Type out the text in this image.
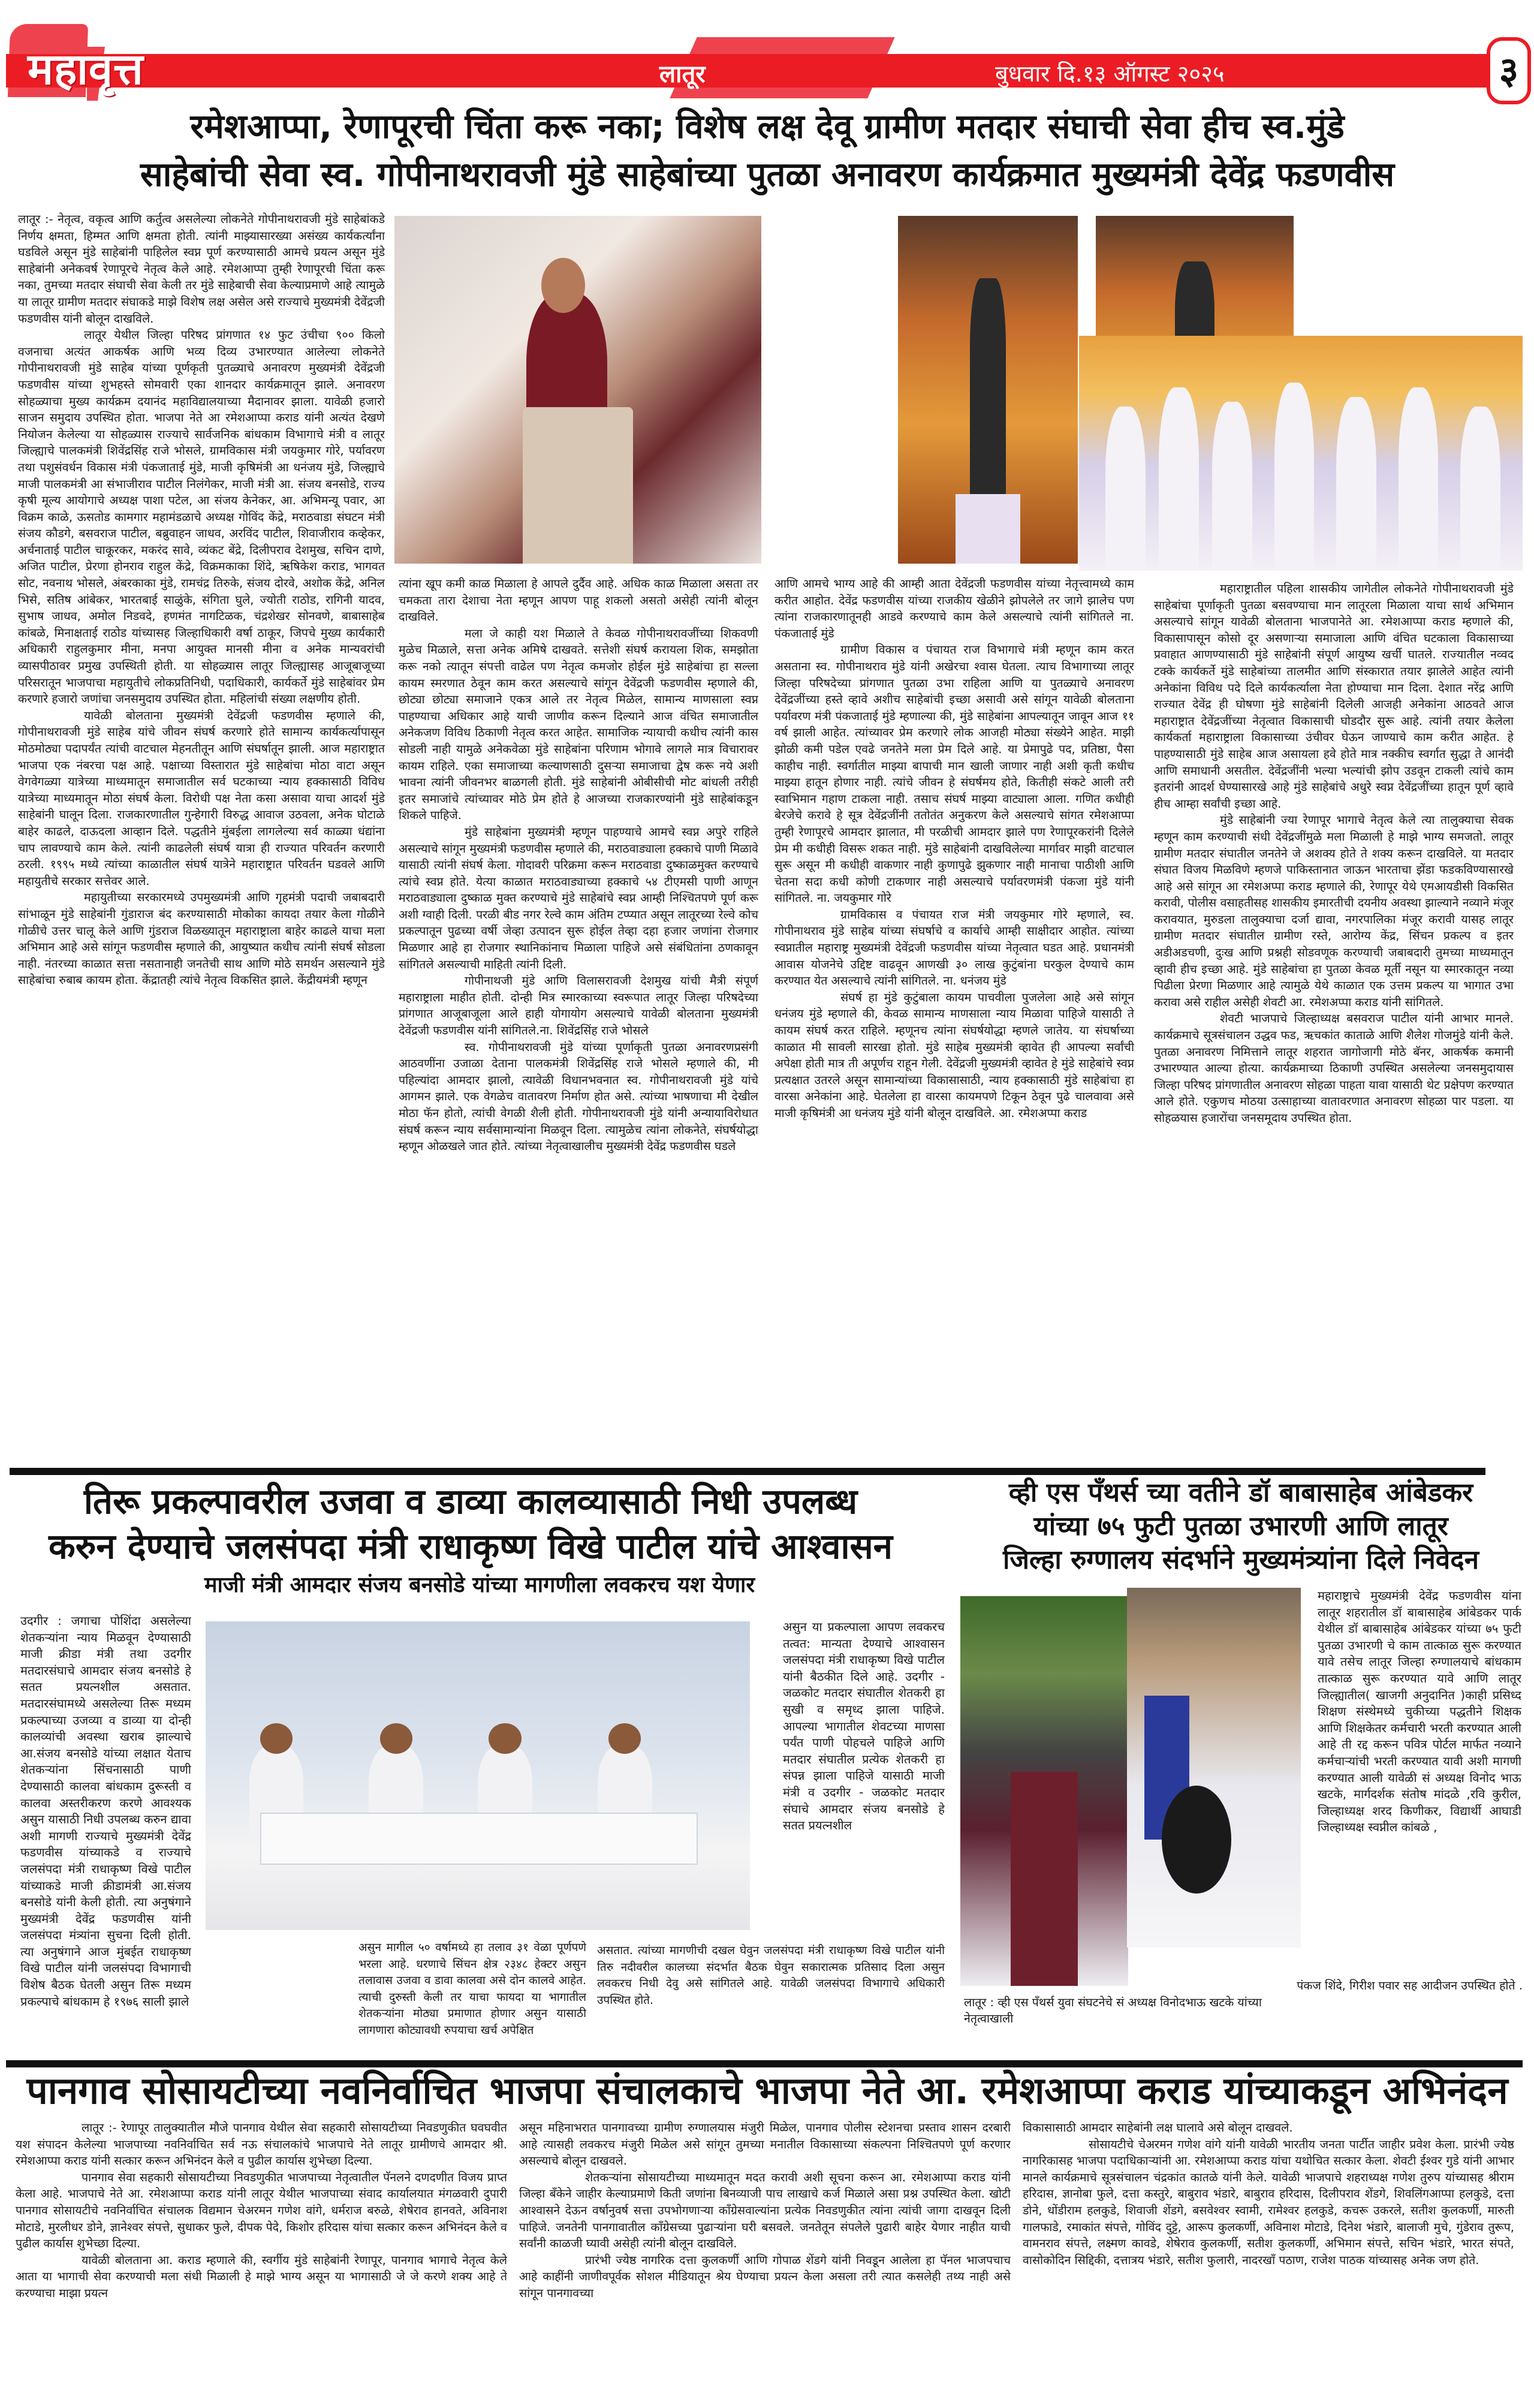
महावृत्त	लातूर	बुधवार दि.१३ ऑगस्ट २०२५	३
रमेशआप्पा, रेणापूरची चिंता करू नका; विशेष लक्ष देवू ग्रामीण मतदार संघाची सेवा हीच स्व.मुंडे
साहेबांची सेवा स्व. गोपीनाथरावजी मुंडे साहेबांच्या पुतळा अनावरण कार्यक्रमात मुख्यमंत्री देवेंद्र फडणवीस

लातूर :- नेतृत्व, वकृत्व आणि कर्तुत्व असलेल्या लोकनेते गोपीनाथरावजी मुंडे साहेबांकडे निर्णय क्षमता, हिम्मत आणि क्षमता होती. त्यांनी माझ्यासारख्या असंख्य कार्यकर्त्यांना घडविले असून मुंडे साहेबांनी पाहिलेल स्वप्न पूर्ण करण्यासाठी आमचे प्रयत्न असून मुंडे साहेबांनी अनेकवर्ष रेणापूरचे नेतृत्व केले आहे. रमेशआप्पा तुम्ही रेणापूरची चिंता करू नका, तुमच्या मतदार संघाची सेवा केली तर मुंडे साहेबाची सेवा केल्याप्रमाणे आहे त्यामुळे या लातूर ग्रामीण मतदार संघाकडे माझे विशेष लक्ष असेल असे राज्याचे मुख्यमंत्री देवेंद्रजी फडणवीस यांनी बोलून दाखविले.

लातूर येथील जिल्हा परिषद प्रांगणात १४ फुट उंचीचा ९०० किलो वजनाचा अत्यंत आकर्षक आणि भव्य दिव्य उभारण्यात आलेल्या लोकनेते गोपीनाथरावजी मुंडे साहेब यांच्या पूर्णकृती पुतळ्याचे अनावरण मुख्यमंत्री देवेंद्रजी फडणवीस यांच्या शुभहस्ते सोमवारी एका शानदार कार्यक्रमातून झाले. अनावरण सोहळ्याचा मुख्य कार्यक्रम दयानंद महाविद्यालयाच्या मैदानावर झाला. यावेळी हजारो साजन समुदाय उपस्थित होता. भाजपा नेते आ रमेशआप्पा कराड यांनी अत्यंत देखणे नियोजन केलेल्या या सोहळ्यास राज्याचे सार्वजनिक बांधकाम विभागाचे मंत्री व लातूर जिल्ह्याचे पालकमंत्री शिवेंद्रसिंह राजे भोसले, ग्रामविकास मंत्री जयकुमार गोरे, पर्यावरण तथा पशुसंवर्धन विकास मंत्री पंकजाताई मुंडे, माजी कृषिमंत्री आ धनंजय मुंडे, जिल्ह्याचे माजी पालकमंत्री आ संभाजीराव पाटील निलंगेकर, माजी मंत्री आ. संजय बनसोडे, राज्य कृषी मूल्य आयोगाचे अध्यक्ष पाशा पटेल, आ संजय केनेकर, आ. अभिमन्यू पवार, आ विक्रम काळे, ऊसतोड कामगार महामंडळाचे अध्यक्ष गोविंद केंद्रे, मराठवाडा संघटन मंत्री संजय कौडगे, बसवराज पाटील, बब्रुवाहन जाधव, अरविंद पाटील, शिवाजीराव कव्हेकर, अर्चनाताई पाटील चाकूरकर, मकरंद सावे, व्यंकट बेंद्रे, दिलीपराव देशमुख, सचिन दाणे, अजित पाटील, प्रेरणा होनराव राहुल केंद्रे, विक्रमकाका शिंदे, ऋषिकेश कराड, भागवत सोट, नवनाथ भोसले, अंबरकाका मुंडे, रामचंद्र तिरुके, संजय दोरवे, अशोक केंद्रे, अनिल भिसे, सतिष आंबेकर, भारतबाई साळुंके, संगिता घुले, ज्योती राठोड, रागिनी यादव, सुभाष जाधव, अमोल निडवदे, हणमंत नागटिळक, चंद्रशेखर सोनवणे, बाबासाहेब कांबळे, मिनाक्षताई राठोड यांच्यासह जिल्हाधिकारी वर्षा ठाकूर, जिपचे मुख्य कार्यकारी अधिकारी राहुलकुमार मीना, मनपा आयुक्त मानसी मीना व अनेक मान्यवरांची व्यासपीठावर प्रमुख उपस्थिती होती. या सोहळ्यास लातूर जिल्ह्यासह आजूबाजूच्या परिसरातून भाजपाचा महायुतीचे लोकप्रतिनिधी, पदाधिकारी, कार्यकर्ते मुंडे साहेबांवर प्रेम करणारे हजारो जणांचा जनसमुदाय उपस्थित होता. महिलांची संख्या लक्षणीय होती.

यावेळी बोलताना मुख्यमंत्री देवेंद्रजी फडणवीस म्हणाले की, गोपीनाथरावजी मुंडे साहेब यांचे जीवन संघर्ष करणारे होते सामान्य कार्यकर्त्यापासून मोठमोठ्या पदापर्यंत त्यांची वाटचाल मेहनतीतून आणि संघर्षातून झाली. आज महाराष्ट्रात भाजपा एक नंबरचा पक्ष आहे. पक्षाच्या विस्तारात मुंडे साहेबांचा मोठा वाटा असून वेगवेगळ्या यात्रेच्या माध्यमातून समाजातील सर्व घटकाच्या न्याय हक्कासाठी विविध यात्रेच्या माध्यमातून मोठा संघर्ष केला. विरोधी पक्ष नेता कसा असावा याचा आदर्श मुंडे साहेबांनी घालून दिला. राजकारणातील गुन्हेगारी विरुद्ध आवाज उठवला, अनेक घोटाळे बाहेर काढले, दाऊदला आव्हान दिले. पद्धतीने मुंबईला लागलेल्या सर्व काळ्या धंद्यांना चाप लावण्याचे काम केले. त्यांनी काढलेली संघर्ष यात्रा ही राज्यात परिवर्तन करणारी ठरली. १९९५ मध्ये त्यांच्या काळातील संघर्ष यात्रेने महाराष्ट्रात परिवर्तन घडवले आणि महायुतीचे सरकार सत्तेवर आले.

महायुतीच्या सरकारमध्ये उपमुख्यमंत्री आणि गृहमंत्री पदाची जबाबदारी सांभाळून मुंडे साहेबांनी गुंडाराज बंद करण्यासाठी मोकोका कायदा तयार केला गोळीने गोळीचे उत्तर चालू केले आणि गुंडराज विळख्यातून महाराष्ट्राला बाहेर काढले याचा मला अभिमान आहे असे सांगून फडणवीस म्हणाले की, आयुष्यात कधीच त्यांनी संघर्ष सोडला नाही. नंतरच्या काळात सत्ता नसतानाही जनतेची साथ आणि मोठे समर्थन असल्याने मुंडे साहेबांचा रुबाब कायम होता. केंद्रातही त्यांचे नेतृत्व विकसित झाले. केंद्रीयमंत्री म्हणून

त्यांना खूप कमी काळ मिळाला हे आपले दुर्दैव आहे. अधिक काळ मिळाला असता तर चमकता तारा देशाचा नेता म्हणून आपण पाहू शकलो असतो असेही त्यांनी बोलून दाखविले.

मला जे काही यश मिळाले ते केवळ गोपीनाथरावजींच्या शिकवणी मुळेच मिळाले, सत्ता अनेक अमिषे दाखवते. सत्तेशी संघर्ष करायला शिक, समझोता करू नको त्यातून संपत्ती वाढेल पण नेतृत्व कमजोर होईल मुंडे साहेबांचा हा सल्ला कायम स्मरणात ठेवून काम करत असल्याचे सांगून देवेंद्रजी फडणवीस म्हणाले की, छोट्या छोट्या समाजाने एकत्र आले तर नेतृत्व मिळेल, सामान्य माणसाला स्वप्न पाहण्याचा अधिकार आहे याची जाणीव करून दिल्याने आज वंचित समाजातील अनेकजण विविध ठिकाणी नेतृत्व करत आहेत. सामाजिक न्यायाची कधीच त्यांनी कास सोडली नाही यामुळे अनेकवेळा मुंडे साहेबांना परिणाम भोगावे लागले मात्र विचारावर कायम राहिले. एका समाजाच्या कल्याणसाठी दुसऱ्या समाजाचा द्वेष करू नये अशी भावना त्यांनी जीवनभर बाळगली होती. मुंडे साहेबांनी ओबीसीची मोट बांधली तरीही इतर समाजांचे त्यांच्यावर मोठे प्रेम होते हे आजच्या राजकारण्यांनी मुंडे साहेबांकडून शिकले पाहिजे.

मुंडे साहेबांना मुख्यमंत्री म्हणून पाहण्याचे आमचे स्वप्न अपुरे राहिले असल्याचे सांगून मुख्यमंत्री फडणवीस म्हणाले की, मराठवाड्याला हक्काचे पाणी मिळावे यासाठी त्यांनी संघर्ष केला. गोदावरी परिक्रमा करून मराठवाडा दुष्काळमुक्त करण्याचे त्यांचे स्वप्न होते. येत्या काळात मराठवाड्याच्या हक्काचे ५४ टीएमसी पाणी आणून मराठवाड्याला दुष्काळ मुक्त करण्याचे मुंडे साहेबांचे स्वप्न आम्ही निश्चितपणे पूर्ण करू अशी ग्वाही दिली. परळी बीड नगर रेल्वे काम अंतिम टप्प्यात असून लातूरच्या रेल्वे कोच प्रकल्पातून पुढच्या वर्षी जेव्हा उत्पादन सुरू होईल तेव्हा दहा हजार जणांना रोजगार मिळणार आहे हा रोजगार स्थानिकांनाच मिळाला पाहिजे असे संबंधितांना ठणकावून सांगितले असल्याची माहिती त्यांनी दिली.

गोपीनाथजी मुंडे आणि विलासरावजी देशमुख यांची मैत्री संपूर्ण महाराष्ट्राला माहीत होती. दोन्ही मित्र स्मारकाच्या स्वरूपात लातूर जिल्हा परिषदेच्या प्रांगणात आजूबाजूला आले हाही योगायोग असल्याचे यावेळी बोलताना मुख्यमंत्री देवेंद्रजी फडणवीस यांनी सांगितले.ना. शिवेंद्रसिंह राजे भोसले

स्व. गोपीनाथरावजी मुंडे यांच्या पूर्णाकृती पुतळा अनावरणप्रसंगी आठवणींना उजाळा देताना पालकमंत्री शिवेंद्रसिंह राजे भोसले म्हणाले की, मी पहिल्यांदा आमदार झालो, त्यावेळी विधानभवनात स्व. गोपीनाथरावजी मुंडे यांचे आगमन झाले. एक वेगळेच वातावरण निर्माण होत असे. त्यांच्या भाषणाचा मी देखील मोठा फॅन होतो, त्यांची वेगळी शैली होती. गोपीनाथरावजी मुंडे यांनी अन्यायाविरोधात संघर्ष करून न्याय सर्वसामान्यांना मिळवून दिला. त्यामुळेच त्यांना लोकनेते, संघर्षयोद्धा म्हणून ओळखले जात होते. त्यांच्या नेतृत्वाखालीच मुख्यमंत्री देवेंद्र फडणवीस घडले

आणि आमचे भाग्य आहे की आम्ही आता देवेंद्रजी फडणवीस यांच्या नेतृत्त्वामध्ये काम करीत आहोत. देवेंद्र फडणवीस यांच्या राजकीय खेळीने झोपलेले तर जागे झालेच पण त्यांना राजकारणातूनही आडवे करण्याचे काम केले असल्याचे त्यांनी सांगितले ना. पंकजाताई मुंडे

ग्रामीण विकास व पंचायत राज विभागाचे मंत्री म्हणून काम करत असताना स्व. गोपीनाथराव मुंडे यांनी अखेरचा श्वास घेतला. त्याच विभागाच्या लातूर जिल्हा परिषदेच्या प्रांगणात पुतळा उभा राहिला आणि या पुतळ्याचे अनावरण देवेंद्रजींच्या हस्ते व्हावे अशीच साहेबांची इच्छा असावी असे सांगून यावेळी बोलताना पर्यावरण मंत्री पंकजाताई मुंडे म्हणाल्या की, मुंडे साहेबांना आपल्यातून जावून आज ११ वर्ष झाली आहेत. त्यांच्यावर प्रेम करणारे लोक आजही मोठ्या संख्येने आहेत. माझी झोळी कमी पडेल एवढे जनतेने मला प्रेम दिले आहे. या प्रेमापुढे पद, प्रतिष्ठा, पैसा काहीच नाही. स्वर्गातील माझ्या बापाची मान खाली जाणार नाही अशी कृती कधीच माझ्या हातून होणार नाही. त्यांचे जीवन हे संघर्षमय होते, कितीही संकटे आली तरी स्वाभिमान गहाण टाकला नाही. तसाच संघर्ष माझ्या वाट्याला आला. गणित कधीही बेरजेचे करावे हे सूत्र देवेंद्रजींनी ततोतंत अनुकरण केले असल्याचे सांगत रमेशआप्पा तुम्ही रेणापूरचे आमदार झालात, मी परळीची आमदार झाले पण रेणापूरकरांनी दिलेले प्रेम मी कधीही विसरू शकत नाही. मुंडे साहेबांनी दाखविलेल्या मार्गावर माझी वाटचाल सुरू असून मी कधीही वाकणार नाही कुणापुढे झुकणार नाही मानाचा पाठीशी आणि चेतना सदा कधी कोणी टाकणार नाही असल्याचे पर्यावरणमंत्री पंकजा मुंडे यांनी सांगितले. ना. जयकुमार गोरे

ग्रामविकास व पंचायत राज मंत्री जयकुमार गोरे म्हणाले, स्व. गोपीनाथराव मुंडे साहेब यांच्या संघर्षाचे व कार्याचे आम्ही साक्षीदार आहोत. त्यांच्या स्वप्नातील महाराष्ट्र मुख्यमंत्री देवेंद्रजी फडणवीस यांच्या नेतृत्वात घडत आहे. प्रधानमंत्री आवास योजनेचे उद्दिष्ट वाढवून आणखी ३० लाख कुटुंबांना घरकुल देण्याचे काम करण्यात येत असल्याचे त्यांनी सांगितले. ना. धनंजय मुंडे

संघर्ष हा मुंडे कुटुंबाला कायम पाचवीला पुजलेला आहे असे सांगून धनंजय मुंडे म्हणाले की, केवळ सामान्य माणसाला न्याय मिळावा पाहिजे यासाठी ते कायम संघर्ष करत राहिले. म्हणूनच त्यांना संघर्षयोद्धा म्हणले जातेय. या संघर्षाच्या काळात मी सावली सारखा होतो. मुंडे साहेब मुख्यमंत्री व्हावेत ही आपल्या सर्वांची अपेक्षा होती मात्र ती अपूर्णच राहून गेली. देवेंद्रजी मुख्यमंत्री व्हावेत हे मुंडे साहेबांचे स्वप्न प्रत्यक्षात उतरले असून सामान्यांच्या विकासासाठी, न्याय हक्कासाठी मुंडे साहेबांचा हा वारसा अनेकांना आहे. घेतलेला हा वारसा कायमपणे टिकून ठेवून पुढे चालवावा असे माजी कृषिमंत्री आ धनंजय मुंडे यांनी बोलून दाखविले. आ. रमेशअप्पा कराड

महाराष्ट्रातील पहिला शासकीय जागेतील लोकनेते गोपीनाथरावजी मुंडे साहेबांचा पूर्णाकृती पुतळा बसवण्याचा मान लातूरला मिळाला याचा सार्थ अभिमान असल्याचे सांगून यावेळी बोलताना भाजपानेते आ. रमेशआप्पा कराड म्हणाले की, विकासापासून कोसो दूर असणाऱ्या समाजाला आणि वंचित घटकाला विकासाच्या प्रवाहात आणण्यासाठी मुंडे साहेबांनी संपूर्ण आयुष्य खर्ची घातले. राज्यातील नव्वद टक्के कार्यकर्ते मुंडे साहेबांच्या तालमीत आणि संस्कारात तयार झालेले आहेत त्यांनी अनेकांना विविध पदे दिले कार्यकर्त्याला नेता होण्याचा मान दिला. देशात नरेंद्र आणि राज्यात देवेंद्र ही घोषणा मुंडे साहेबांनी दिलेली आजही अनेकांना आठवते आज महाराष्ट्रात देवेंद्रजींच्या नेतृत्वात विकासाची घोडदौर सुरू आहे. त्यांनी तयार केलेला कार्यकर्ता महाराष्ट्राला विकासाच्या उंचीवर घेऊन जाण्याचे काम करीत आहेत. हे पाहण्यासाठी मुंडे साहेब आज असायला हवे होते मात्र नक्कीच स्वर्गात सुद्धा ते आनंदी आणि समाधानी असतील. देवेंद्रजींनी भल्या भल्यांची झोप उडवून टाकली त्यांचे काम इतरांनी आदर्श घेण्यासारखे आहे मुंडे साहेबांचे अधुरे स्वप्न देवेंद्रजींच्या हातून पूर्ण व्हावे हीच आम्हा सर्वांची इच्छा आहे.

मुंडे साहेबांनी ज्या रेणापूर भागाचे नेतृत्व केले त्या तालुक्याचा सेवक म्हणून काम करण्याची संधी देवेंद्रजींमुळे मला मिळाली हे माझे भाग्य समजतो. लातूर ग्रामीण मतदार संघातील जनतेने जे अशक्य होते ते शक्य करून दाखविले. या मतदार संघात विजय मिळविणे म्हणजे पाकिस्तानात जाऊन भारताचा झेंडा फडकविण्यासारखे आहे असे सांगून आ रमेशअप्पा कराड म्हणाले की, रेणापूर येथे एमआयडीसी विकसित करावी, पोलीस वसाहतीसह शासकीय इमारतीची दयनीय अवस्था झाल्याने नव्याने मंजूर करावयात, मुरुडला तालुक्याचा दर्जा द्यावा, नगरपालिका मंजूर करावी यासह लातूर ग्रामीण मतदार संघातील ग्रामीण रस्ते, आरोग्य केंद्र, सिंचन प्रकल्प व इतर अडीअडचणी, दुःख आणि प्रश्नही सोडवणूक करण्याची जबाबदारी तुमच्या माध्यमातून व्हावी हीच इच्छा आहे. मुंडे साहेबांचा हा पुतळा केवळ मूर्ती नसून या स्मारकातून नव्या पिढीला प्रेरणा मिळणार आहे त्यामुळे येथे काळात एक उत्तम प्रकल्प या भागात उभा करावा असे राहील असेही शेवटी आ. रमेशअप्पा कराड यांनी सांगितले.

शेवटी भाजपाचे जिल्हाध्यक्ष बसवराज पाटील यांनी आभार मानले. कार्यक्रमाचे सूत्रसंचालन उद्धव फड, ऋचकांत काताळे आणि शैलेश गोजमुंडे यांनी केले. पुतळा अनावरण निमित्ताने लातूर शहरात जागोजागी मोठे बॅनर, आकर्षक कमानी उभारण्यात आल्या होत्या. कार्यक्रमाच्या ठिकाणी उपस्थित असलेल्या जनसमुदायास जिल्हा परिषद प्रांगणातील अनावरण सोहळा पाहता यावा यासाठी थेट प्रक्षेपण करण्यात आले होते. एकुणच मोठया उत्साहाच्या वातावरणात अनावरण सोहळा पार पडला. या सोहळयास हजारोंचा जनसमूदाय उपस्थित होता.

तिरू प्रकल्पावरील उजवा व डाव्या कालव्यासाठी निधी उपलब्ध
करुन देण्याचे जलसंपदा मंत्री राधाकृष्ण विखे पाटील यांचे आश्वासन
माजी मंत्री आमदार संजय बनसोडे यांच्या मागणीला लवकरच यश येणार

उदगीर : जगाचा पोशिंदा असलेल्या शेतकऱ्यांना न्याय मिळवून देण्यासाठी माजी क्रीडा मंत्री तथा उदगीर मतदारसंघाचे आमदार संजय बनसोडे हे सतत प्रयत्नशील असतात. मतदारसंघामध्ये असलेल्या तिरू मध्यम प्रकल्पाच्या उजव्या व डाव्या या दोन्ही कालव्यांची अवस्था खराब झाल्याचे आ.संजय बनसोडे यांच्या लक्षात येताच शेतकऱ्यांना सिंचनासाठी पाणी देण्यासाठी कालवा बांधकाम दुरूस्ती व कालवा अस्तरीकरण करणे आवश्यक असुन यासाठी निधी उपलब्ध करुन द्यावा अशी मागणी राज्याचे मुख्यमंत्री देवेंद्र फडणवीस यांच्याकडे व राज्याचे जलसंपदा मंत्री राधाकृष्ण विखे पाटील यांच्याकडे माजी क्रीडामंत्री आ.संजय बनसोडे यांनी केली होती. त्या अनुषंगाने मुख्यमंत्री देवेंद्र फडणवीस यांनी जलसंपदा मंत्र्यांना सुचना दिली होती. त्या अनुषंगाने आज मुंबईत राधाकृष्ण विखे पाटील यांनी जलसंपदा विभागाची विशेष बैठक घेतली असुन तिरू मध्यम प्रकल्पाचे बांधकाम हे १९७६ साली झाले

असुन मागील ५० वर्षामध्ये हा तलाव ३१ वेळा पूर्णपणे भरला आहे. धरणाचे सिंचन क्षेत्र २३४८ हेक्टर असुन तलावास उजवा व डावा कालवा असे दोन कालवे आहेत. त्याची दुरुस्ती केली तर याचा फायदा या भागातील शेतकऱ्यांना मोठ्या प्रमाणात होणार असुन यासाठी लागणारा कोट्यावधी रुपयाचा खर्च अपेक्षित

असुन या प्रकल्पाला आपण लवकरच तत्वत: मान्यता देण्याचे आश्वासन जलसंपदा मंत्री राधाकृष्ण विखे पाटील यांनी बैठकीत दिले आहे. उदगीर - जळकोट मतदार संघातील शेतकरी हा सुखी व समृध्द झाला पाहिजे. आपल्या भागातील शेवटच्या माणसा पर्यंत पाणी पोहचले पाहिजे आणि मतदार संघातील प्रत्येक शेतकरी हा संपन्न झाला पाहिजे यासाठी माजी मंत्री व उदगीर - जळकोट मतदार संघाचे आमदार संजय बनसोडे हे सतत प्रयत्नशील

असतात. त्यांच्या मागणीची दखल घेवुन जलसंपदा मंत्री राधाकृष्ण विखे पाटील यांनी तिरु नदीवरील कालच्या संदर्भात बैठक घेवुन सकारात्मक प्रतिसाद दिला असुन लवकरच निधी देवु असे सांगितले आहे. यावेळी जलसंपदा विभागाचे अधिकारी उपस्थित होते.

व्ही एस पँथर्स च्या वतीने डॉ बाबासाहेब आंबेडकर
यांच्या ७५ फुटी पुतळा उभारणी आणि लातूर
जिल्हा रुग्णालय संदर्भाने मुख्यमंत्र्यांना दिले निवेदन
लातूर : व्ही एस पँथर्स युवा संघटनेचे सं अध्यक्ष विनोदभाऊ खटके यांच्या नेतृत्वाखाली

महाराष्ट्राचे मुख्यमंत्री देवेंद्र फडणवीस यांना लातूर शहरातील डॉ बाबासाहेब आंबेडकर पार्क येथील डॉ बाबासाहेब आंबेडकर यांच्या ७५ फुटी पुतळा उभारणी चे काम तात्काळ सुरू करण्यात यावे तसेच लातूर जिल्हा रुग्णालयाचे बांधकाम तात्काळ सुरू करण्यात यावे आणि लातूर जिल्ह्यातील( खाजगी अनुदानित )काही प्रसिध्द शिक्षण संस्थेमध्ये चुकीच्या पद्धतीने शिक्षक आणि शिक्षकेतर कर्मचारी भरती करण्यात आली आहे ती रद्द करून पवित्र पोर्टल मार्फत नव्याने कर्मचाऱ्यांची भरती करण्यात यावी अशी मागणी करण्यात आली यावेळी सं अध्यक्ष विनोद भाऊ खटके, मार्गदर्शक संतोष मांदळे ,रवि कुरील, जिल्हाध्यक्ष शरद किणीकर, विद्यार्थी आघाडी जिल्हाध्यक्ष स्वप्नील कांबळे ,

पंकज शिंदे, गिरीश पवार सह आदीजन उपस्थित होते .
पानगाव सोसायटीच्या नवनिर्वाचित भाजपा संचालकाचे भाजपा नेते आ. रमेशआप्पा कराड यांच्याकडून अभिनंदन

लातूर :- रेणापूर तालुक्यातील मौजे पानगाव येथील सेवा सहकारी सोसायटीच्या निवडणुकीत घवघवीत यश संपादन केलेल्या भाजपाच्या नवनिर्वाचित सर्व नऊ संचालकांचे भाजपाचे नेते लातूर ग्रामीणचे आमदार श्री. रमेशआप्पा कराड यांनी सत्कार करून अभिनंदन केले व पुढील कार्यास शुभेच्छा दिल्या.

पानगाव सेवा सहकारी सोसायटीच्या निवडणुकीत भाजपाच्या नेतृत्वातील पॅनलने दणदणीत विजय प्राप्त केला आहे. भाजपाचे नेते आ. रमेशआप्पा कराड यांनी लातूर येथील भाजपाच्या संवाद कार्यालयात मंगळवारी दुपारी पानगाव सोसायटीचे नवनिर्वाचित संचालक विद्यमान चेअरमन गणेश वांगे, धर्मराज बरुळे, शेषेराव हानवते, अविनाश मोटाडे, मुरलीधर डोने, ज्ञानेश्वर संपत्ते, सुधाकर फुले, दीपक पेदे, किशोर हरिदास यांचा सत्कार करून अभिनंदन केले व पुढील कार्यास शुभेच्छा दिल्या.

यावेळी बोलताना आ. कराड म्हणाले की, स्वर्गीय मुंडे साहेबांनी रेणापूर, पानगाव भागाचे नेतृत्व केले आता या भागाची सेवा करण्याची मला संधी मिळाली हे माझे भाग्य असून या भागासाठी जे जे करणे शक्य आहे ते करण्याचा माझा प्रयत्न

असून महिनाभरात पानगावच्या ग्रामीण रुग्णालयास मंजुरी मिळेल, पानगाव पोलीस स्टेशनचा प्रस्ताव शासन दरबारी आहे त्यासही लवकरच मंजुरी मिळेल असे सांगून तुमच्या मनातील विकासाच्या संकल्पना निश्चितपणे पूर्ण करणार असल्याचे बोलून दाखवले.

शेतकऱ्यांना सोसायटीच्या माध्यमातून मदत करावी अशी सूचना करून आ. रमेशआप्पा कराड यांनी जिल्हा बँकेने जाहीर केल्याप्रमाणे किती जणांना बिनव्याजी पाच लाखाचे कर्ज मिळाले असा प्रश्न उपस्थित केला. खोटी आश्वासने देऊन वर्षानुवर्ष सत्ता उपभोगणाऱ्या काँग्रेसवाल्यांना प्रत्येक निवडणुकीत त्यांना त्यांची जागा दाखवून दिली पाहिजे. जनतेनी पानगावातील काँग्रेसच्या पुढाऱ्यांना घरी बसवले. जनतेतून संपलेले पुढारी बाहेर येणार नाहीत याची सर्वांनी काळजी घ्यावी असेही त्यांनी बोलून दाखविले.

प्रारंभी ज्येष्ठ नागरिक दत्ता कुलकर्णी आणि गोपाळ शेंडगे यांनी निवडून आलेला हा पॅनल भाजपचाच आहे काहींनी जाणीवपूर्वक सोशल मीडियातून श्रेय घेण्याचा प्रयत्न केला असला तरी त्यात कसलेही तथ्य नाही असे सांगून पानगावच्या

विकासासाठी आमदार साहेबांनी लक्ष घालावे असे बोलून दाखवले.

सोसायटीचे चेअरमन गणेश वांगे यांनी यावेळी भारतीय जनता पार्टीत जाहीर प्रवेश केला. प्रारंभी ज्येष्ठ नागरिकासह भाजपा पदाधिकाऱ्यांनी आ. रमेशआप्पा कराड यांचा यथोचित सत्कार केला. शेवटी ईश्वर गुडे यांनी आभार मानले कार्यक्रमाचे सूत्रसंचालन चंद्रकांत कातळे यांनी केले. यावेळी भाजपाचे शहराध्यक्ष गणेश तुरुप यांच्यासह श्रीराम हरिदास, ज्ञानोबा फुले, दत्ता कस्तुरे, बाबुराव भंडारे, बाबुराव हरिदास, दिलीपराव शेंडगे, शिवलिंगआप्पा हलकुडे, दत्ता डोने, धोंडीराम हलकुडे, शिवाजी शेंडगे, बसवेश्वर स्वामी, रामेश्वर हलकुडे, कचरू उकरले, सतीश कुलकर्णी, मारुती गालफाडे, रमाकांत संपत्ते, गोविंद दुट्टे, आरूप कुलकर्णी, अविनाश मोटाडे, दिनेश भंडारे, बालाजी मुचे, गुंडेराव तुरूप, वामनराव संपत्ते, लक्ष्मण कावडे, शेषेराव कुलकर्णी, सतीश कुलकर्णी, अभिमान संपत्ते, सचिन भंडारे, भारत संपते, वासोकोदिन सिद्दिकी, दत्तात्रय भंडारे, सतीश फुलारी, नादरखॉं पठाण, राजेश पाठक यांच्यासह अनेक जण होते.
